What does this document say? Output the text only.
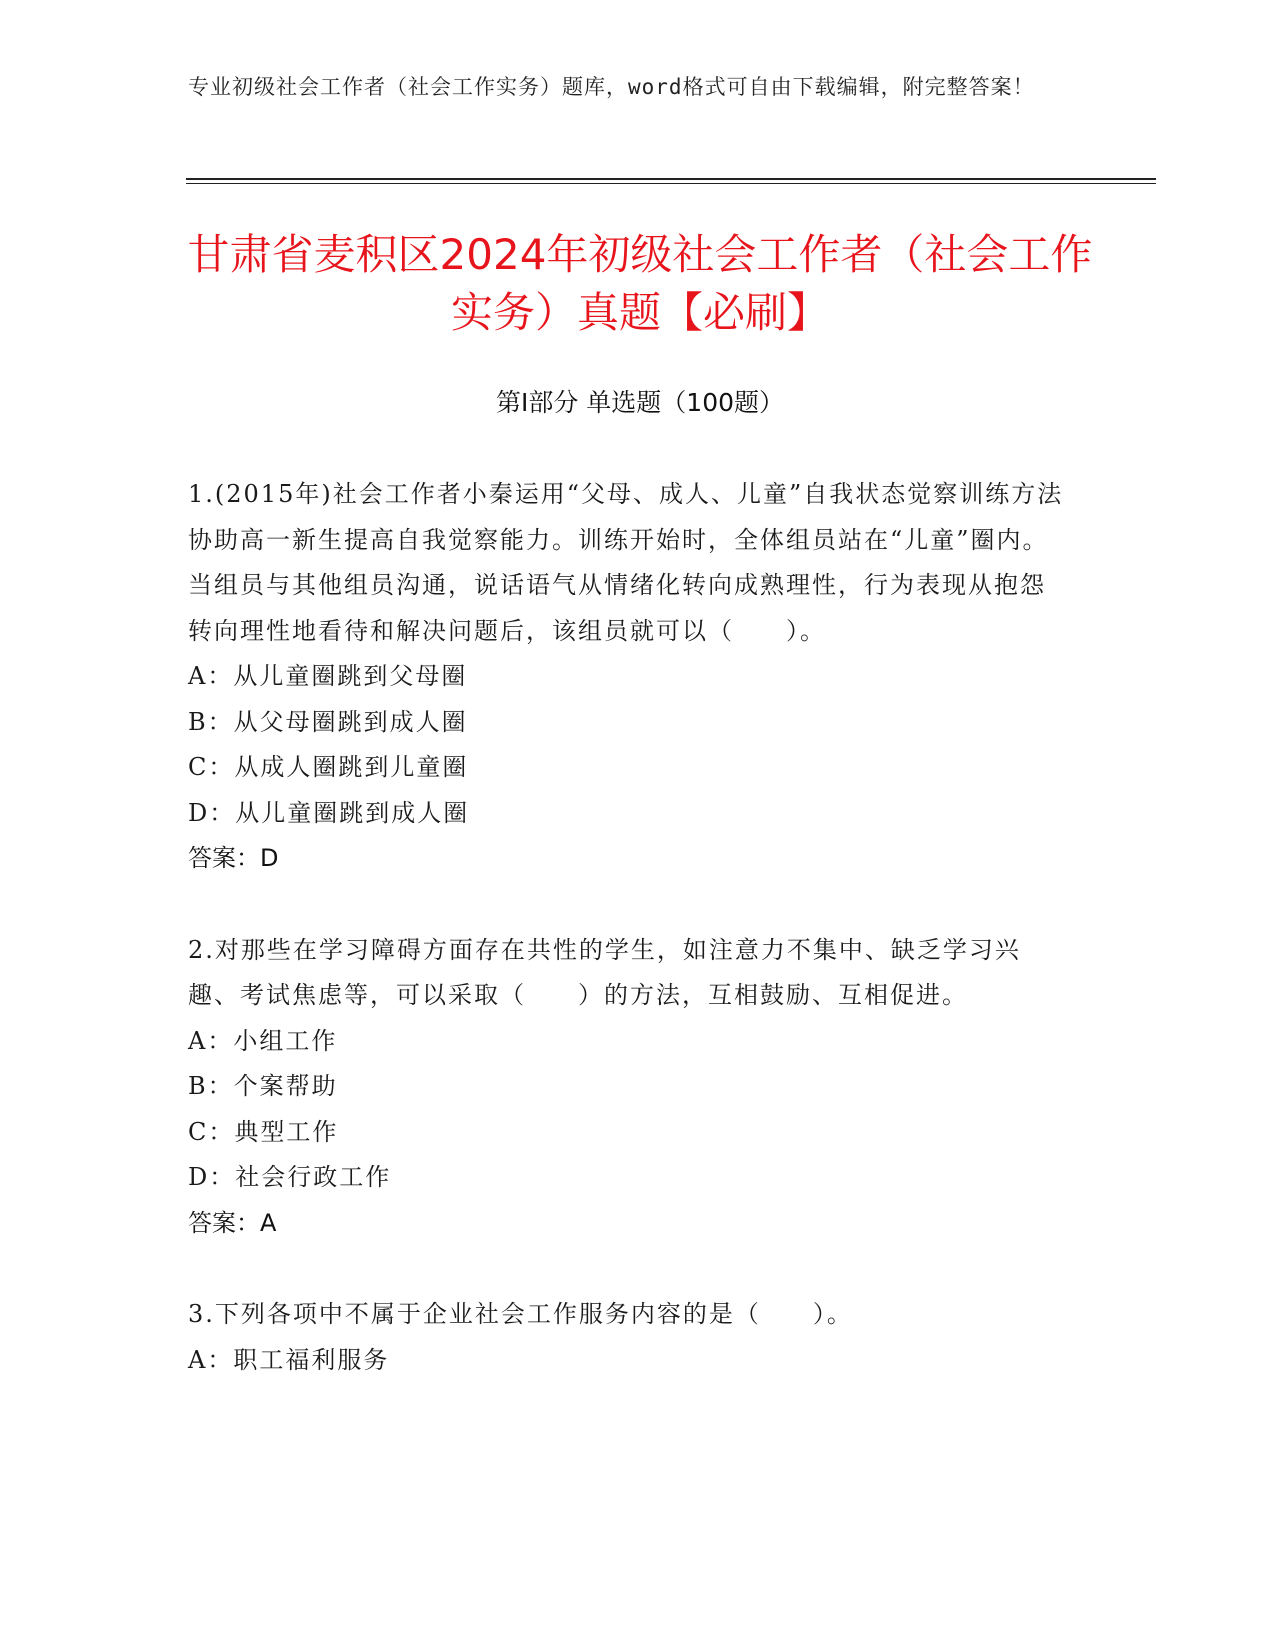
专业初级社会工作者（社会工作实务）题库，word格式可自由下载编辑，附完整答案！
甘肃省麦积区2024年初级社会工作者（社会工作实务）真题【必刷】
第Ⅰ部分 单选题（100题）
1.(2015年)社会工作者小秦运用“父母、成人、儿童”自我状态觉察训练方法协助高一新生提高自我觉察能力。训练开始时，全体组员站在“儿童”圈内。当组员与其他组员沟通，说话语气从情绪化转向成熟理性，行为表现从抱怨转向理性地看待和解决问题后，该组员就可以（　　）。
A：从儿童圈跳到父母圈
B：从父母圈跳到成人圈
C：从成人圈跳到儿童圈
D：从儿童圈跳到成人圈
答案：D
2.对那些在学习障碍方面存在共性的学生，如注意力不集中、缺乏学习兴趣、考试焦虑等，可以采取（　　）的方法，互相鼓励、互相促进。
A：小组工作
B：个案帮助
C：典型工作
D：社会行政工作
答案：A
3.下列各项中不属于企业社会工作服务内容的是（　　）。
A：职工福利服务
